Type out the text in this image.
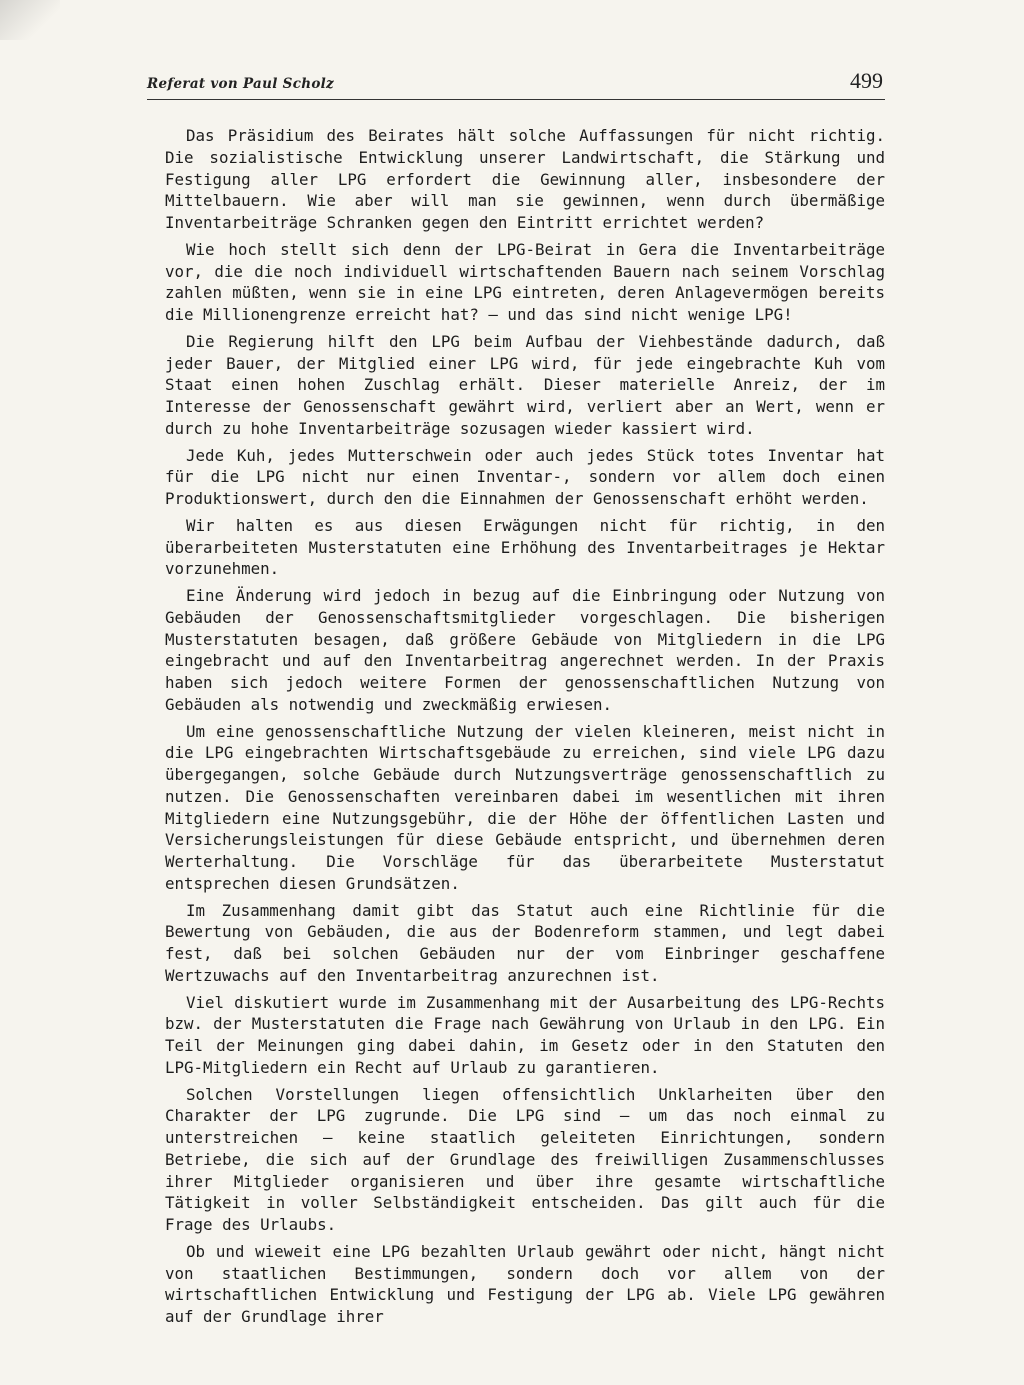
Referat von Paul Scholz	499

Das Präsidium des Beirates hält solche Auffassungen für nicht richtig. Die sozialistische Entwicklung unserer Landwirtschaft, die Stärkung und Festigung aller LPG erfordert die Gewinnung aller, insbesondere der Mittelbauern. Wie aber will man sie gewinnen, wenn durch übermäßige Inventarbeiträge Schranken gegen den Eintritt errichtet werden?

Wie hoch stellt sich denn der LPG-Beirat in Gera die Inventarbeiträge vor, die die noch individuell wirtschaftenden Bauern nach seinem Vorschlag zahlen müßten, wenn sie in eine LPG eintreten, deren Anlagevermögen bereits die Millionengrenze erreicht hat? — und das sind nicht wenige LPG!

Die Regierung hilft den LPG beim Aufbau der Viehbestände dadurch, daß jeder Bauer, der Mitglied einer LPG wird, für jede eingebrachte Kuh vom Staat einen hohen Zuschlag erhält. Dieser materielle Anreiz, der im Interesse der Genossenschaft gewährt wird, verliert aber an Wert, wenn er durch zu hohe Inventarbeiträge sozusagen wieder kassiert wird.

Jede Kuh, jedes Mutterschwein oder auch jedes Stück totes Inventar hat für die LPG nicht nur einen Inventar-, sondern vor allem doch einen Produktionswert, durch den die Einnahmen der Genossenschaft erhöht werden.

Wir halten es aus diesen Erwägungen nicht für richtig, in den überarbeiteten Musterstatuten eine Erhöhung des Inventarbeitrages je Hektar vorzunehmen.

Eine Änderung wird jedoch in bezug auf die Einbringung oder Nutzung von Gebäuden der Genossenschaftsmitglieder vorgeschlagen. Die bisherigen Musterstatuten besagen, daß größere Gebäude von Mitgliedern in die LPG eingebracht und auf den Inventarbeitrag angerechnet werden. In der Praxis haben sich jedoch weitere Formen der genossenschaftlichen Nutzung von Gebäuden als notwendig und zweckmäßig erwiesen.

Um eine genossenschaftliche Nutzung der vielen kleineren, meist nicht in die LPG eingebrachten Wirtschaftsgebäude zu erreichen, sind viele LPG dazu übergegangen, solche Gebäude durch Nutzungsverträge genossenschaftlich zu nutzen. Die Genossenschaften vereinbaren dabei im wesentlichen mit ihren Mitgliedern eine Nutzungsgebühr, die der Höhe der öffentlichen Lasten und Versicherungsleistungen für diese Gebäude entspricht, und übernehmen deren Werterhaltung. Die Vorschläge für das überarbeitete Musterstatut entsprechen diesen Grundsätzen.

Im Zusammenhang damit gibt das Statut auch eine Richtlinie für die Bewertung von Gebäuden, die aus der Bodenreform stammen, und legt dabei fest, daß bei solchen Gebäuden nur der vom Einbringer geschaffene Wertzuwachs auf den Inventarbeitrag anzurechnen ist.

Viel diskutiert wurde im Zusammenhang mit der Ausarbeitung des LPG-Rechts bzw. der Musterstatuten die Frage nach Gewährung von Urlaub in den LPG. Ein Teil der Meinungen ging dabei dahin, im Gesetz oder in den Statuten den LPG-Mitgliedern ein Recht auf Urlaub zu garantieren.

Solchen Vorstellungen liegen offensichtlich Unklarheiten über den Charakter der LPG zugrunde. Die LPG sind — um das noch einmal zu unterstreichen — keine staatlich geleiteten Einrichtungen, sondern Betriebe, die sich auf der Grundlage des freiwilligen Zusammenschlusses ihrer Mitglieder organisieren und über ihre gesamte wirtschaftliche Tätigkeit in voller Selbständigkeit entscheiden. Das gilt auch für die Frage des Urlaubs.

Ob und wieweit eine LPG bezahlten Urlaub gewährt oder nicht, hängt nicht von staatlichen Bestimmungen, sondern doch vor allem von der wirtschaftlichen Entwicklung und Festigung der LPG ab. Viele LPG gewähren auf der Grundlage ihrer
